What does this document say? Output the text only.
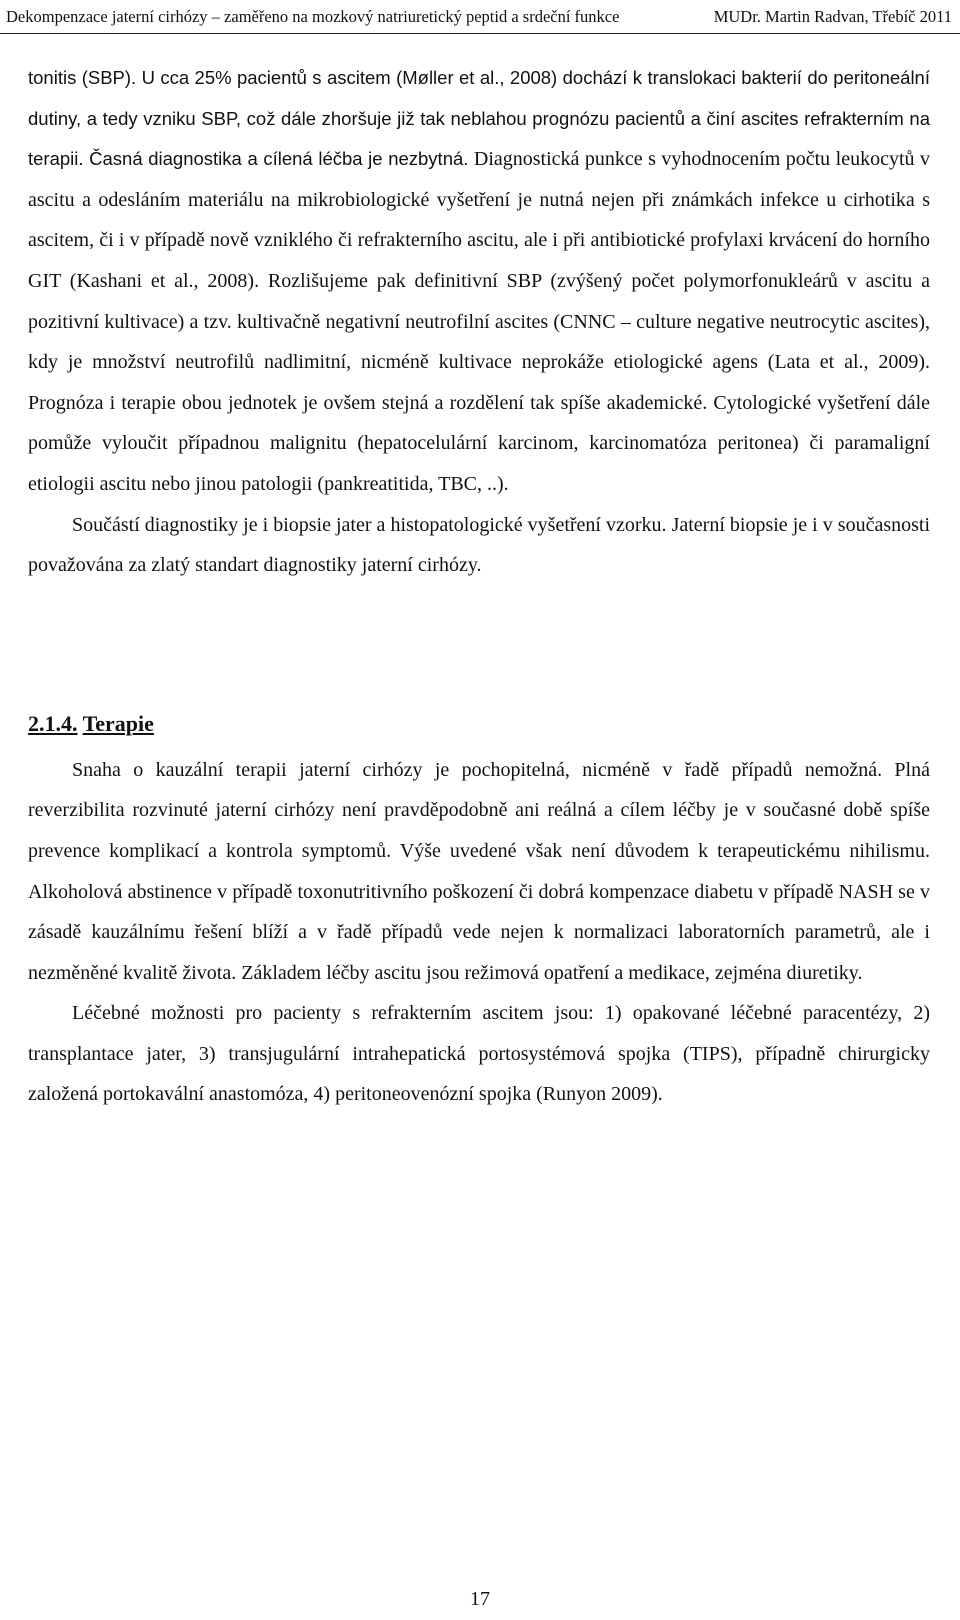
Dekompenzace jaterní cirhózy – zaměřeno na mozkový natriuretický peptid a srdeční funkce	MUDr. Martin Radvan, Třebíč 2011

tonitis (SBP). U cca 25% pacientů s ascitem (Møller et al., 2008) dochází k translokaci bakterií do peritoneální dutiny, a tedy vzniku SBP, což dále zhoršuje již tak neblahou prognózu pacientů a činí ascites refrakterním na terapii. Časná diagnostika a cílená léčba je nezbytná. Diagnostická punkce s vyhodnocením počtu leukocytů v ascitu a odesláním materiálu na mikrobiologické vyšetření je nutná nejen při známkách infekce u cirhotika s ascitem, či i v případě nově vzniklého či refrakterního ascitu, ale i při antibiotické profylaxi krvácení do horního GIT (Kashani et al., 2008). Rozlišujeme pak definitivní SBP (zvýšený počet polymorfonukleárů v ascitu a pozitivní kultivace) a tzv. kultivačně negativní neutrofilní ascites (CNNC – culture negative neutrocytic ascites), kdy je množství neutrofilů nadlimitní, nicméně kultivace neprokáže etiologické agens (Lata et al., 2009). Prognóza i terapie obou jednotek je ovšem stejná a rozdělení tak spíše akademické. Cytologické vyšetření dále pomůže vyloučit případnou malignitu (hepatocelulární karcinom, karcinomatóza peritonea) či paramaligní etiologii ascitu nebo jinou patologii (pankreatitida, TBC, ..).

Součástí diagnostiky je i biopsie jater a histopatologické vyšetření vzorku. Jaterní biopsie je i v současnosti považována za zlatý standart diagnostiky jaterní cirhózy.

2.1.4. Terapie

Snaha o kauzální terapii jaterní cirhózy je pochopitelná, nicméně v řadě případů nemožná. Plná reverzibilita rozvinuté jaterní cirhózy není pravděpodobně ani reálná a cílem léčby je v současné době spíše prevence komplikací a kontrola symptomů. Výše uvedené však není důvodem k terapeutickému nihilismu. Alkoholová abstinence v případě toxonutritivního poškození či dobrá kompenzace diabetu v případě NASH se v zásadě kauzálnímu řešení blíží a v řadě případů vede nejen k normalizaci laboratorních parametrů, ale i nezměněné kvalitě života. Základem léčby ascitu jsou režimová opatření a medikace, zejména diuretiky.

Léčebné možnosti pro pacienty s refrakterním ascitem jsou: 1) opakované léčebné paracentézy, 2) transplantace jater, 3) transjugulární intrahepatická portosystémová spojka (TIPS), případně chirurgicky založená portokavální anastomóza, 4) peritoneovenózní spojka (Runyon 2009).

17
